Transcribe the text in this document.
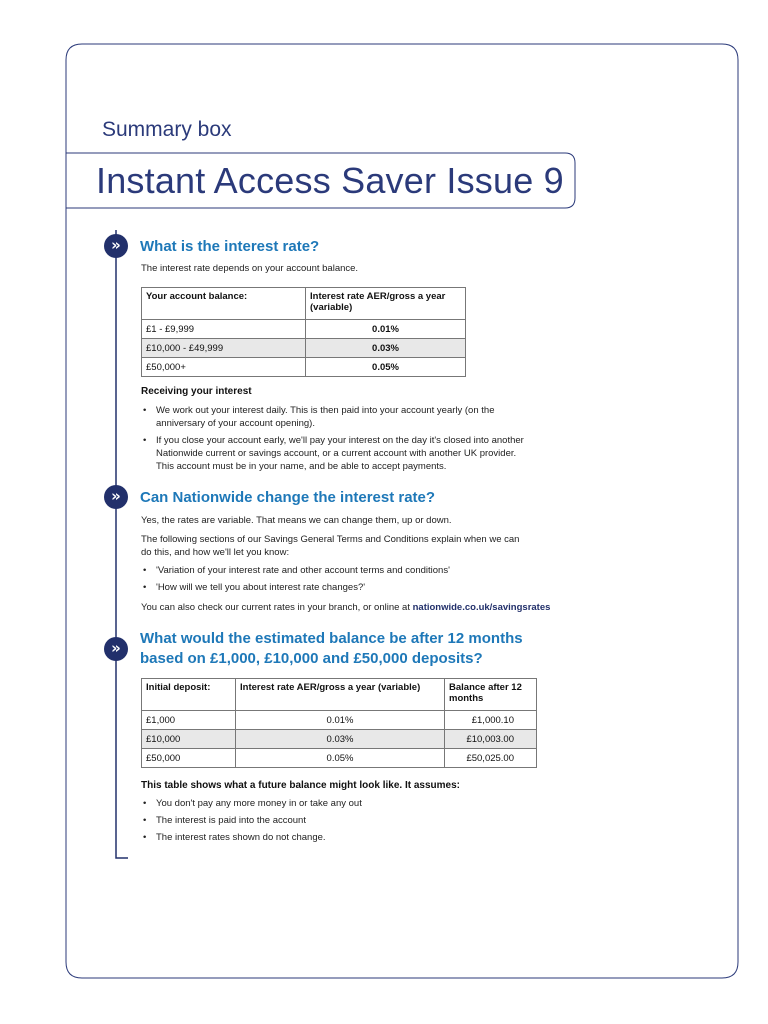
Summary box
Instant Access Saver Issue 9
»	What is the interest rate?
The interest rate depends on your account balance.
Your account balance:	Interest rate AER/gross a year (variable)
£1 - £9,999	0.01%
£10,000 - £49,999	0.03%
£50,000+	0.05%
Receiving your interest
• We work out your interest daily. This is then paid into your account yearly (on the anniversary of your account opening).
• If you close your account early, we'll pay your interest on the day it's closed into another Nationwide current or savings account, or a current account with another UK provider. This account must be in your name, and be able to accept payments.
»	Can Nationwide change the interest rate?
Yes, the rates are variable. That means we can change them, up or down.
The following sections of our Savings General Terms and Conditions explain when we can do this, and how we'll let you know:
• 'Variation of your interest rate and other account terms and conditions'
• 'How will we tell you about interest rate changes?'
You can also check our current rates in your branch, or online at nationwide.co.uk/savingsrates
»
What would the estimated balance be after 12 months based on £1,000, £10,000 and £50,000 deposits?
Initial deposit:	Interest rate AER/gross a year (variable)	Balance after 12 months
£1,000	0.01%	£1,000.10
£10,000	0.03%	£10,003.00
£50,000	0.05%	£50,025.00
This table shows what a future balance might look like. It assumes:
• You don't pay any more money in or take any out
• The interest is paid into the account
• The interest rates shown do not change.
